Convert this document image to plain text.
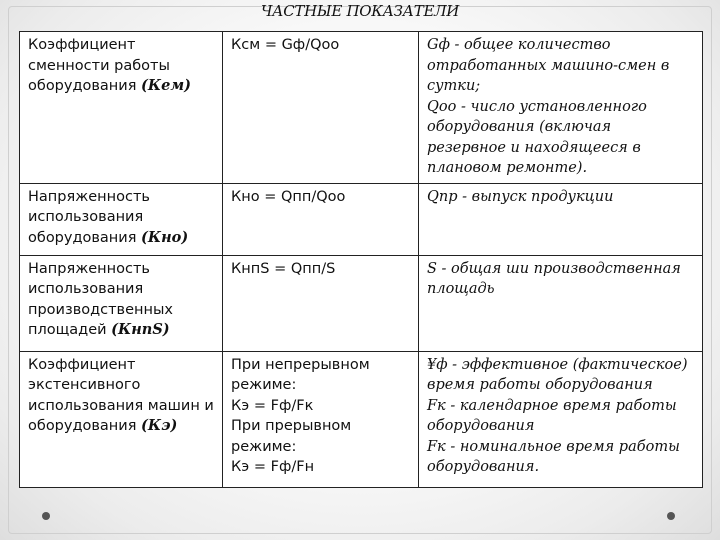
ЧАСТНЫЕ ПОКАЗАТЕЛИ
Коэффициент сменности работы оборудования (Кем)	Ксм = Gф/Qoo	Gф - общее количество отработанных машино-смен в сутки;
Qоо - число установленного оборудования (включая резервное и находящееся в плановом ремонте).

Напряженность использования оборудования (Кно)	Кно = Qпп/Qоо	Qпр - выпуск продукции

Напряженность использования производственных площадей (КнпS)	КнпS = Qпп/S	S - общая ши производственная площадь

Коэффициент экстенсивного использования машин и оборудования (Кэ)	При непрерывном режиме:
Кэ = Fф/Fк
При прерывном режиме:
Кэ = Fф/Fн	¥ф - эффективное (фактическое) время работы оборудования
Fк - календарное время работы оборудования
Fк - номинальное время работы оборудования.
